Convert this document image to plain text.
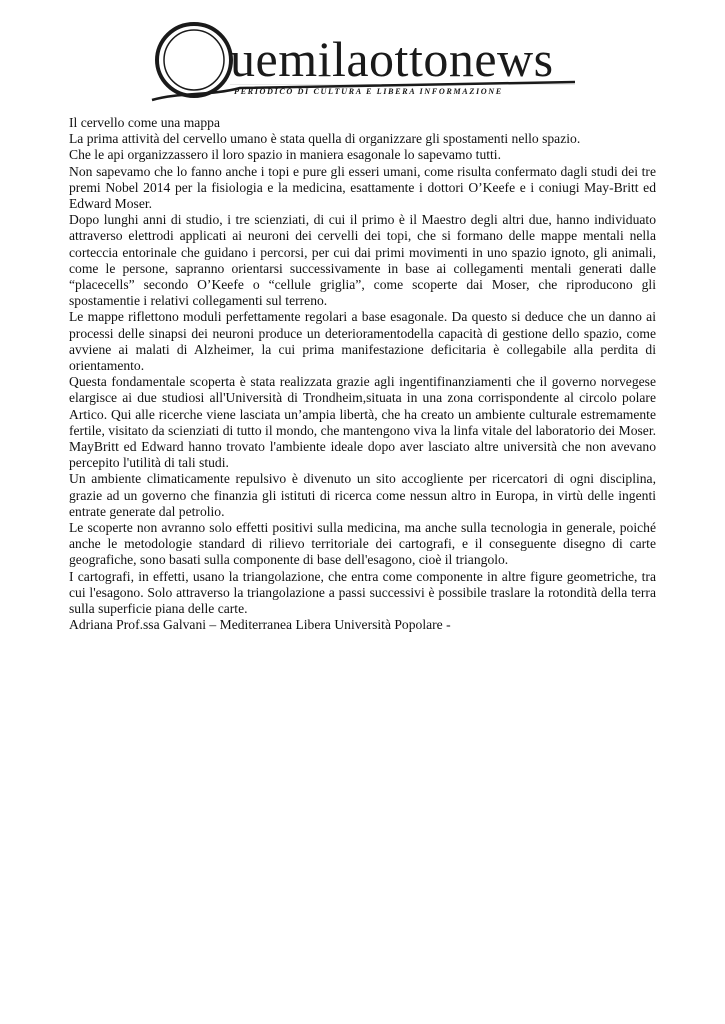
uemilaottonews
PERIODICO DI CULTURA E LIBERA INFORMAZIONE

Il cervello come una mappa

La prima attività del cervello umano è stata quella di organizzare gli spostamenti nello spazio.

Che le api organizzassero il loro spazio in maniera esagonale lo sapevamo tutti.

Non sapevamo che lo fanno anche i topi e pure gli esseri umani, come risulta confermato dagli studi dei tre premi Nobel 2014 per la fisiologia e la medicina, esattamente i dottori O’Keefe e i coniugi May-Britt ed Edward Moser.

Dopo lunghi anni di studio, i tre scienziati, di cui il primo è il Maestro degli altri due, hanno individuato attraverso elettrodi applicati ai neuroni dei cervelli dei topi, che si formano delle mappe mentali nella corteccia entorinale che guidano i percorsi, per cui dai primi movimenti in uno spazio ignoto, gli animali, come le persone, sapranno orientarsi successivamente in base ai collegamenti mentali generati dalle “placecells” secondo O’Keefe o “cellule griglia”, come scoperte dai Moser, che riproducono gli spostamentie i relativi collegamenti sul terreno.

Le mappe riflettono moduli perfettamente regolari a base esagonale. Da questo si deduce che un danno ai processi delle sinapsi dei neuroni produce un deterioramentodella capacità di gestione dello spazio, come avviene ai malati di Alzheimer, la cui prima manifestazione deficitaria è collegabile alla perdita di orientamento.

Questa fondamentale scoperta è stata realizzata grazie agli ingentifinanziamenti che il governo norvegese elargisce ai due studiosi all'Università di Trondheim,situata in una zona corrispondente al circolo polare Artico. Qui alle ricerche viene lasciata un’ampia libertà, che ha creato un ambiente culturale estremamente fertile, visitato da scienziati di tutto il mondo, che mantengono viva la linfa vitale del laboratorio dei Moser. MayBritt ed Edward hanno trovato l'ambiente ideale dopo aver lasciato altre università che non avevano percepito l'utilità di tali studi.

Un ambiente climaticamente repulsivo è divenuto un sito accogliente per ricercatori di ogni disciplina, grazie ad un governo che finanzia gli istituti di ricerca come nessun altro in Europa, in virtù delle ingenti entrate generate dal petrolio.

Le scoperte non avranno solo effetti positivi sulla medicina, ma anche sulla tecnologia in generale, poiché anche le metodologie standard di rilievo territoriale dei cartografi, e il conseguente disegno di carte geografiche, sono basati sulla componente di base dell'esagono, cioè il triangolo.

I cartografi, in effetti, usano la triangolazione, che entra come componente in altre figure geometriche, tra cui l'esagono. Solo attraverso la triangolazione a passi successivi è possibile traslare la rotondità della terra sulla superficie piana delle carte.

Adriana Prof.ssa Galvani – Mediterranea Libera Università Popolare -
